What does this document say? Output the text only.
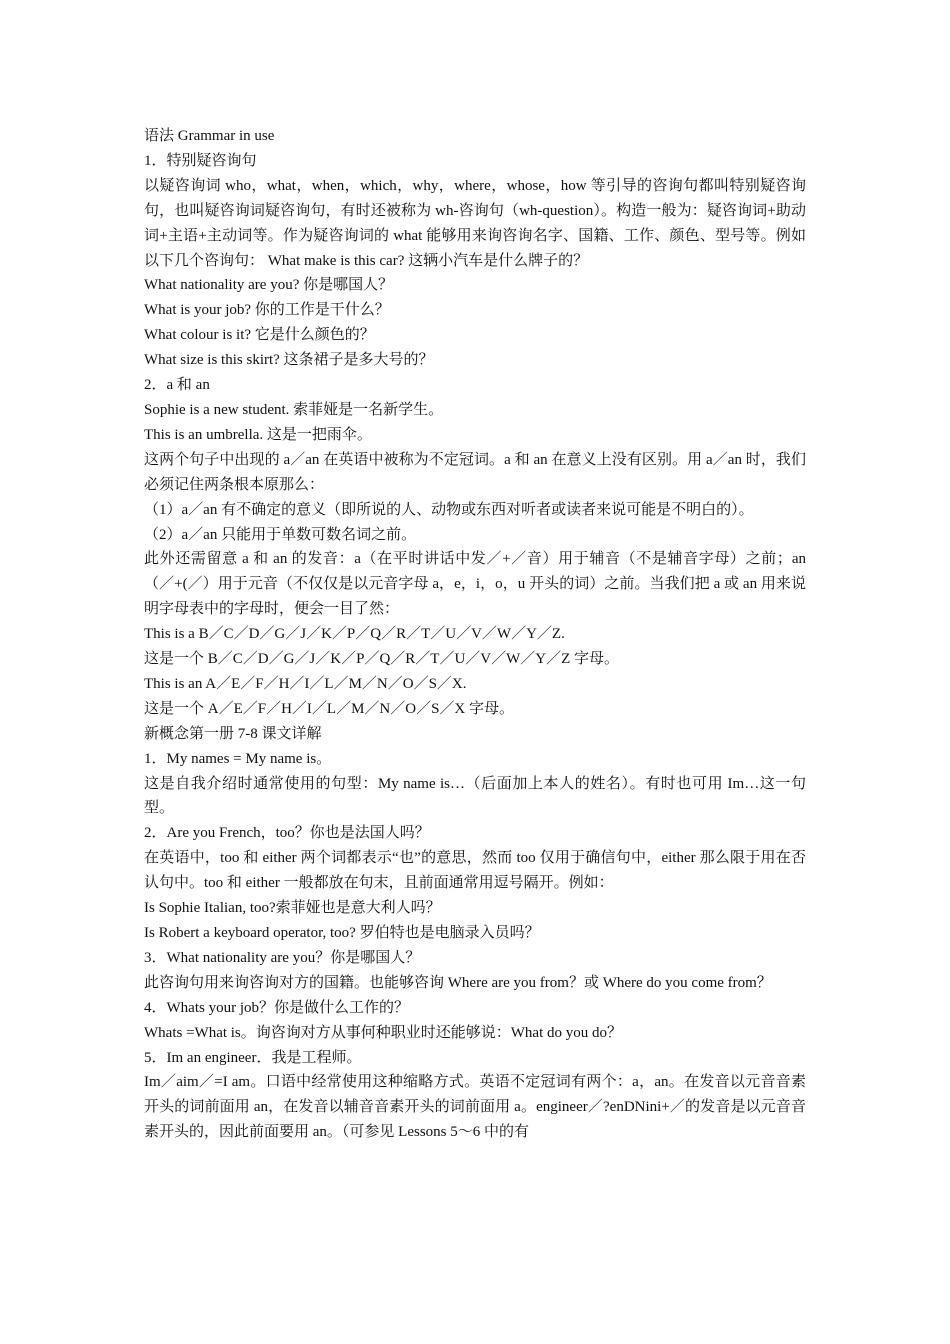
语法 Grammar in use

1．特别疑咨询句

以疑咨询词 who，what，when，which，why，where，whose，how 等引导的咨询句都叫特别疑咨询句，也叫疑咨询词疑咨询句，有时还被称为 wh-咨询句（wh-question）。构造一般为：疑咨询词+助动词+主语+主动词等。作为疑咨询词的 what 能够用来询咨询名字、国籍、工作、颜色、型号等。例如以下几个咨询句： What make is this car? 这辆小汽车是什么牌子的？

What nationality are you? 你是哪国人？

What is your job? 你的工作是干什么？

What colour is it? 它是什么颜色的？

What size is this skirt? 这条裙子是多大号的？

2．a 和 an

Sophie is a new student. 索菲娅是一名新学生。

This is an umbrella. 这是一把雨伞。

这两个句子中出现的 a／an 在英语中被称为不定冠词。a 和 an 在意义上没有区别。用 a／an 时，我们必须记住两条根本原那么：

（1）a／an 有不确定的意义（即所说的人、动物或东西对听者或读者来说可能是不明白的）。

（2）a／an 只能用于单数可数名词之前。

此外还需留意 a 和 an 的发音：a（在平时讲话中发／+／音）用于辅音（不是辅音字母）之前；an（／+(／）用于元音（不仅仅是以元音字母 a，e，i，o，u 开头的词）之前。当我们把 a 或 an 用来说明字母表中的字母时，便会一目了然：

This is a B／C／D／G／J／K／P／Q／R／T／U／V／W／Y／Z.

这是一个 B／C／D／G／J／K／P／Q／R／T／U／V／W／Y／Z 字母。

This is an A／E／F／H／I／L／M／N／O／S／X.

这是一个 A／E／F／H／I／L／M／N／O／S／X 字母。

新概念第一册 7-8 课文详解

1．My names = My name is。

这是自我介绍时通常使用的句型：My name is…（后面加上本人的姓名）。有时也可用 Im…这一句型。

2．Are you French，too？你也是法国人吗？

在英语中，too 和 either 两个词都表示“也”的意思，然而 too 仅用于确信句中，either 那么限于用在否认句中。too 和 either 一般都放在句末，且前面通常用逗号隔开。例如：

Is Sophie Italian, too?索菲娅也是意大利人吗？

Is Robert a keyboard operator, too? 罗伯特也是电脑录入员吗？

3．What nationality are you？你是哪国人？

此咨询句用来询咨询对方的国籍。也能够咨询 Where are you from？或 Where do you come from？

4．Whats your job？你是做什么工作的？

Whats =What is。询咨询对方从事何种职业时还能够说：What do you do？

5．Im an engineer．我是工程师。

Im／aim／=I am。口语中经常使用这种缩略方式。英语不定冠词有两个：a，an。在发音以元音音素开头的词前面用 an，在发音以辅音音素开头的词前面用 a。engineer／?enDNini+／的发音是以元音音素开头的，因此前面要用 an。（可参见 Lessons 5～6 中的有
